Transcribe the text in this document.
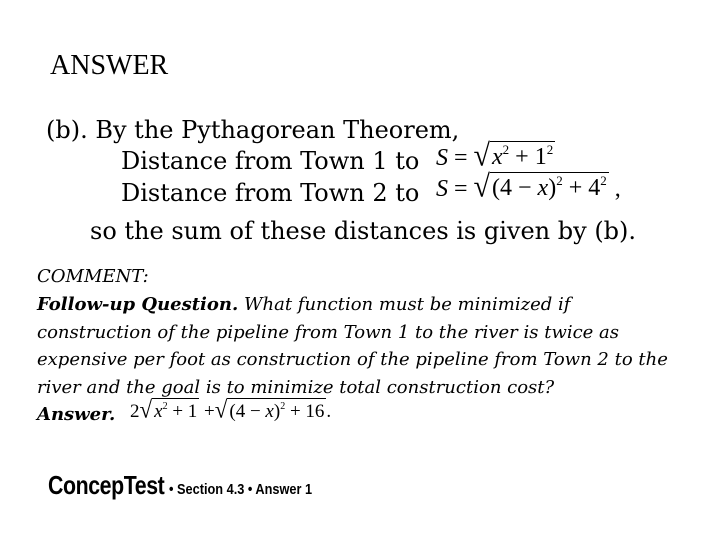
ANSWER
(b). By the Pythagorean Theorem,
Distance from Town 1 to
Distance from Town 2 to
so the sum of these distances is given by (b).
S = √ $x^2 + 1^2$
S = √ $(4 - x)^2 + 4^2$ ,
COMMENT:
Follow-up Question. What function must be minimized if
construction of the pipeline from Town 1 to the river is twice as
expensive per foot as construction of the pipeline from Town 2 to the
river and the goal is to minimize total construction cost?
Answer. 2 √ $x^2 + 1$ + √ $(4 - x)^2 + 16$ .
ConcepTest • Section 4.3 • Answer 1
